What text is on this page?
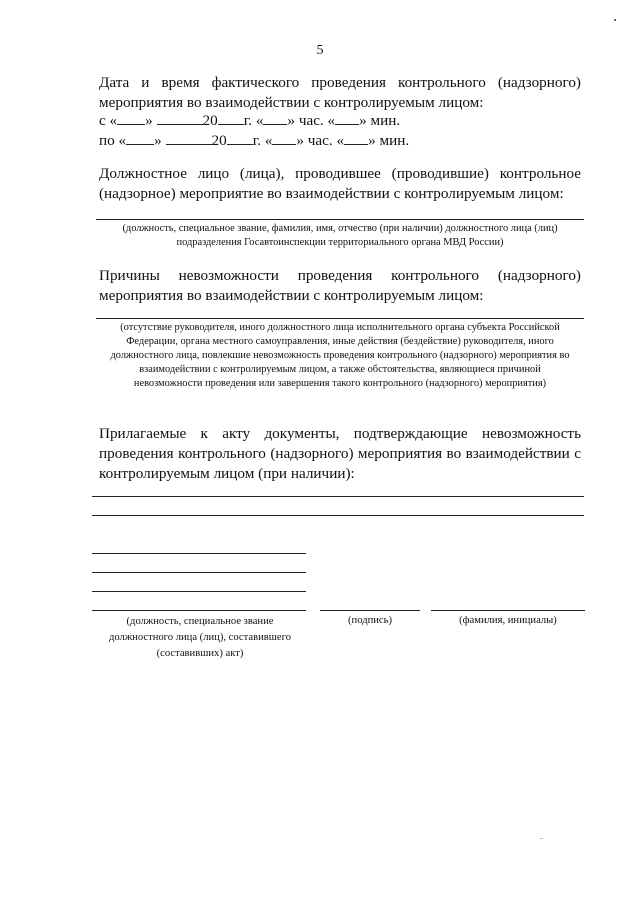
5
Дата и время фактического проведения контрольного (надзорного) мероприятия во взаимодействии с контролируемым лицом:
с « »	20 г. « » час. « » мин.
по « »	20 г. « » час. « » мин.
Должностное лицо (лица), проводившее (проводившие) контрольное (надзорное) мероприятие во взаимодействии с контролируемым лицом:
(должность, специальное звание, фамилия, имя, отчество (при наличии) должностного лица (лиц) подразделения Госавтоинспекции территориального органа МВД России)
Причины невозможности проведения контрольного (надзорного) мероприятия во взаимодействии с контролируемым лицом:
(отсутствие руководителя, иного должностного лица исполнительного органа субъекта Российской Федерации, органа местного самоуправления, иные действия (бездействие) руководителя, иного должностного лица, повлекшие невозможность проведения контрольного (надзорного) мероприятия во взаимодействии с контролируемым лицом, а также обстоятельства, являющиеся причиной невозможности проведения или завершения такого контрольного (надзорного) мероприятия)
Прилагаемые к акту документы, подтверждающие невозможность проведения контрольного (надзорного) мероприятия во взаимодействии с контролируемым лицом (при наличии):
(должность, специальное звание должностного лица (лиц), составившего (составивших) акт)
(подпись)	(фамилия, инициалы)
